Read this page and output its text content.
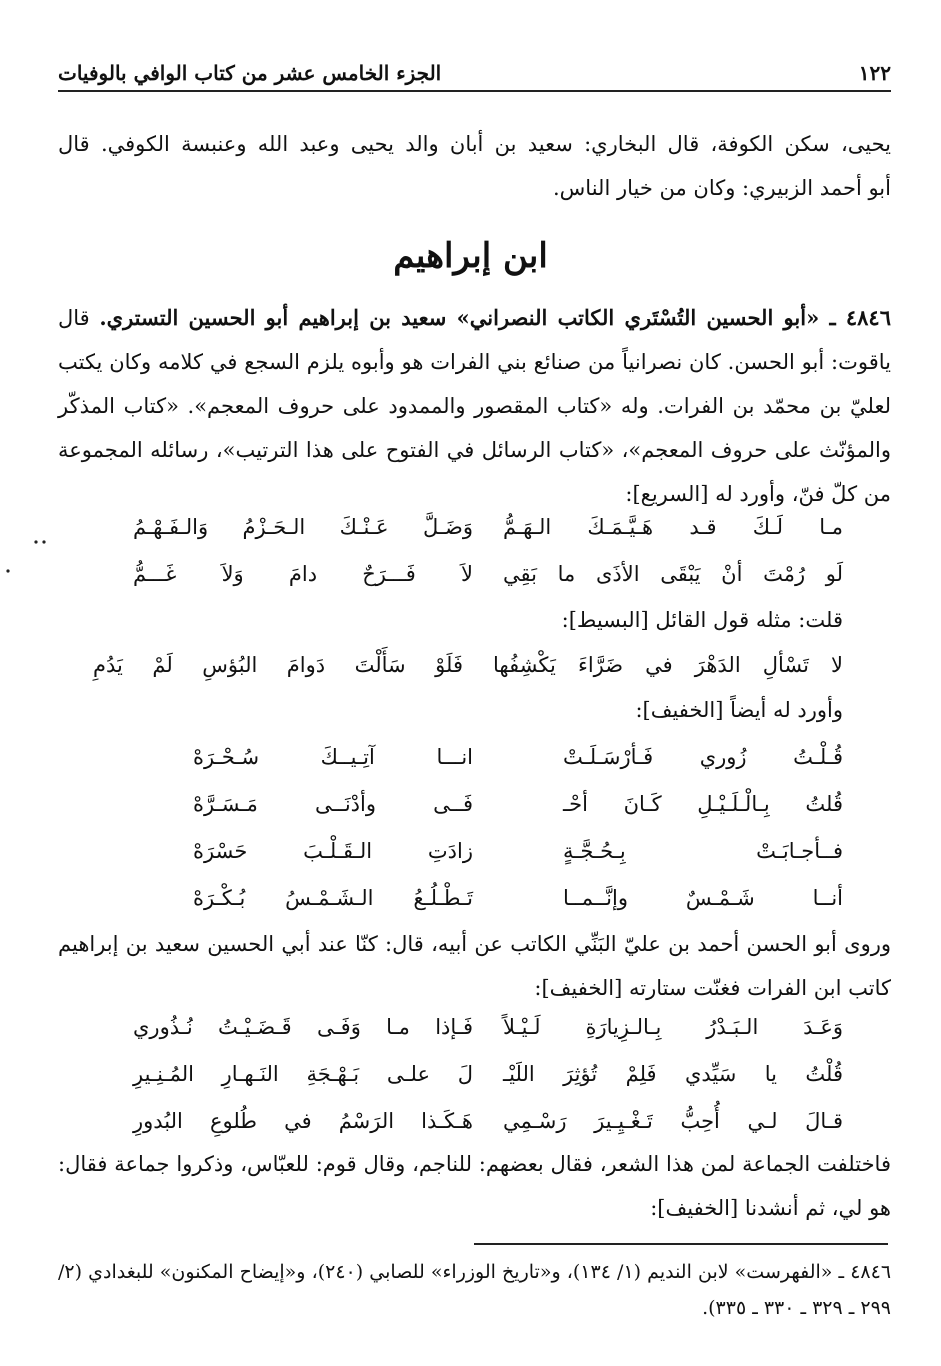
١٢٢
الجزء الخامس عشر من كتاب الوافي بالوفيات

يحيى، سكن الكوفة، قال البخاري: سعيد بن أبان والد يحيى وعبد الله وعنبسة الكوفي. قال

أبو أحمد الزبيري: وكان من خيار الناس.

ابن إبراهيم

٤٨٤٦ ـ «أبو الحسين التُسْتَري الكاتب النصراني» سعيد بن إبراهيم أبو الحسين التستري. قال ياقوت: أبو الحسن. كان نصرانياً من صنائع بني الفرات هو وأبوه يلزم السجع في كلامه وكان يكتب لعليّ بن محمّد بن الفرات. وله «كتاب المقصور والممدود على حروف المعجم». «كتاب المذكّر والمؤنّث على حروف المعجم»، «كتاب الرسائل في الفتوح على هذا الترتيب»، رسائله المجموعة من كلّ فنّ، وأورد له [السريع]:

مـا لَـكَ قـد هَـيَّـمَـكَ الـهَـمُّ
وَضَـلَّ عَـنْـكَ الـحَـزْمُ وَالـفَـهْـمُ
لَو رُمْتَ أنْ يَبْقَى الأذَى ما بَقِي
لاَ فَـــرَحٌ دامَ وَلاَ غَـــمُّ
قلت: مثله قول القائل [البسيط]:
لا تَسْألِ الدَهْرَ في ضَرَّاءَ يَكْشِفُها
فَلَوْ سَأَلْتَ دَوامَ البُؤسِ لَمْ يَدُمِ
وأورد له أيضاً [الخفيف]:
قُـلْـتُ زُوري فَـأرْسَـلَـتْ
انـــا آتِـيــكَ سُـحْـرَهْ
قُلتُ بِـالْـلَـيْـلِ كَـانَ أحْـ
فَــى وأدْنَــى مَـسَـرَّهْ
فــأجـابَـتْ بِـحُـجَّـةٍ
زادَتِ الـقَـلْـبَ حَسْرَهْ
أنــا شَـمْـسٌ وإنَّــمــا
تَـطْـلُـعُ الـشَـمْـسُ بُـكْـرَهْ

وروى أبو الحسن أحمد بن عليّ البَنِّي الكاتب عن أبيه، قال: كنّا عند أبي الحسين سعيد بن إبراهيم كاتب ابن الفرات فغنّت ستارته [الخفيف]:

وَعَـدَ الـبَـدْرُ بِـالـزِيارَةِ لَـيْـلاً
فَـإذا مـا وَفَـى قَـضَـيْـتُ نُـذُوري
قُلْتُ يا سَيِّدي فَلِمْ تُؤثِرَ اللَيْـ
لَ علـى بَـهْـجَةِ النَـهـارِ المُـنِـيرِ
قـالَ لـي أُحِبُّ تَـغْـيِـيرَ رَسْـمِي
هَـكَـذا الرَسْمُ في طُلوعِ البُدورِ

فاختلفت الجماعة لمن هذا الشعر، فقال بعضهم: للناجم، وقال قوم: للعبّاس، وذكروا جماعة فقال: هو لي، ثم أنشدنا [الخفيف]:

٤٨٤٦ ـ «الفهرست» لابن النديم (١/ ١٣٤)، و«تاريخ الوزراء» للصابي (٢٤٠)، و«إيضاح المكنون» للبغدادي (٢/ ٢٩٩ ـ ٣٢٩ ـ ٣٣٠ ـ ٣٣٥).
